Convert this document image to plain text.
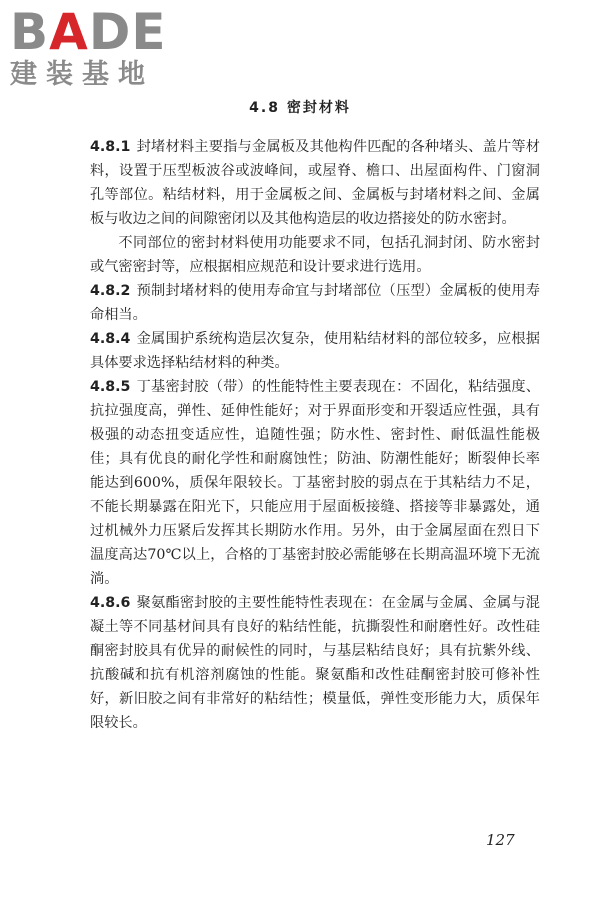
BADE
建装基地
4.8 密封材料

4.8.1 封堵材料主要指与金属板及其他构件匹配的各种堵头、盖片等材料，设置于压型板波谷或波峰间，或屋脊、檐口、出屋面构件、门窗洞孔等部位。粘结材料，用于金属板之间、金属板与封堵材料之间、金属板与收边之间的间隙密闭以及其他构造层的收边搭接处的防水密封。

不同部位的密封材料使用功能要求不同，包括孔洞封闭、防水密封或气密密封等，应根据相应规范和设计要求进行选用。

4.8.2 预制封堵材料的使用寿命宜与封堵部位（压型）金属板的使用寿命相当。

4.8.4 金属围护系统构造层次复杂，使用粘结材料的部位较多，应根据具体要求选择粘结材料的种类。

4.8.5 丁基密封胶（带）的性能特性主要表现在：不固化，粘结强度、抗拉强度高，弹性、延伸性能好；对于界面形变和开裂适应性强，具有极强的动态扭变适应性，追随性强；防水性、密封性、耐低温性能极佳；具有优良的耐化学性和耐腐蚀性；防油、防潮性能好；断裂伸长率能达到600%，质保年限较长。丁基密封胶的弱点在于其粘结力不足，不能长期暴露在阳光下，只能应用于屋面板接缝、搭接等非暴露处，通过机械外力压紧后发挥其长期防水作用。另外，由于金属屋面在烈日下温度高达70℃以上，合格的丁基密封胶必需能够在长期高温环境下无流淌。

4.8.6 聚氨酯密封胶的主要性能特性表现在：在金属与金属、金属与混凝土等不同基材间具有良好的粘结性能，抗撕裂性和耐磨性好。改性硅酮密封胶具有优异的耐候性的同时，与基层粘结良好；具有抗紫外线、抗酸碱和抗有机溶剂腐蚀的性能。聚氨酯和改性硅酮密封胶可修补性好，新旧胶之间有非常好的粘结性；模量低，弹性变形能力大，质保年限较长。

127
